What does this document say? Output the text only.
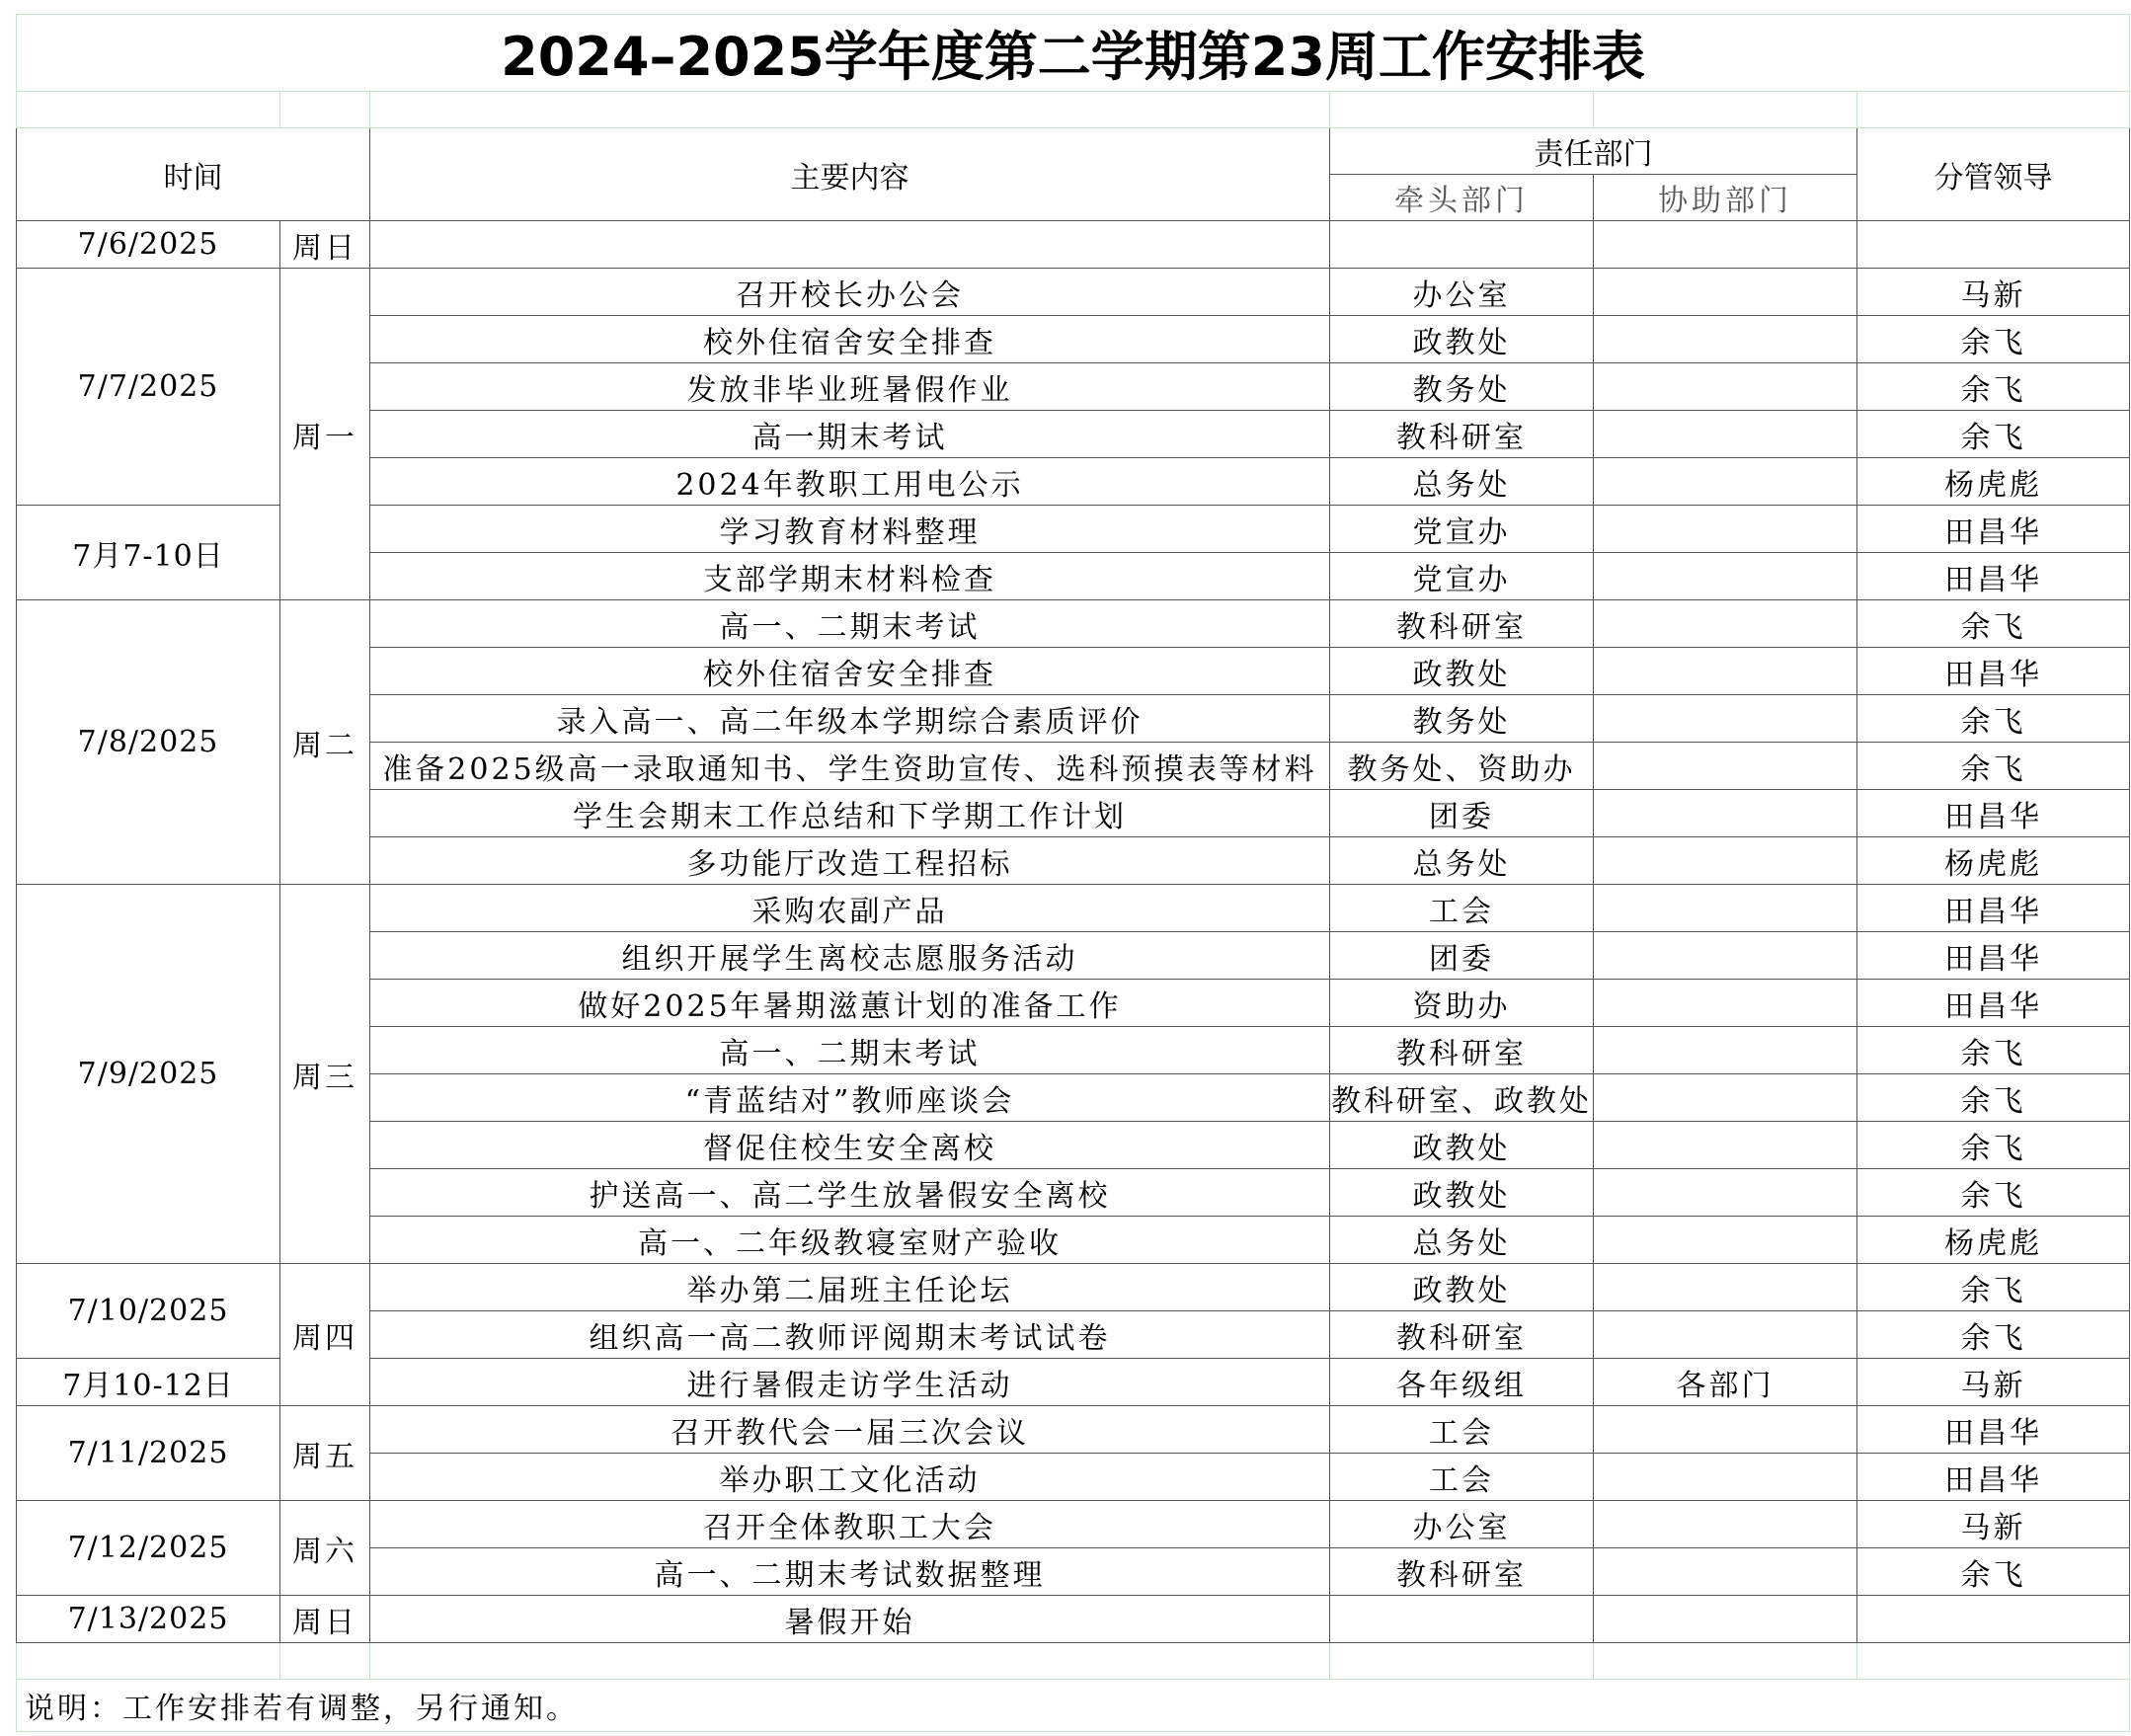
2024–2025学年度第二学期第23周工作安排表					

时间		主要内容	责任部门		分管领导
			牵头部门	协助部门	
7/6/2025	周日				
7/7/2025	周一	召开校长办公会	办公室		马新
		校外住宿舍安全排查	政教处		余飞
		发放非毕业班暑假作业	教务处		余飞
		高一期末考试	教科研室		余飞
		2024年教职工用电公示	总务处		杨虎彪
7月7-10日		学习教育材料整理	党宣办		田昌华
		支部学期末材料检查	党宣办		田昌华
7/8/2025	周二	高一、二期末考试	教科研室		余飞
		校外住宿舍安全排查	政教处		田昌华
		录入高一、高二年级本学期综合素质评价	教务处		余飞
		准备2025级高一录取通知书、学生资助宣传、选科预摸表等材料	教务处、资助办		余飞
		学生会期末工作总结和下学期工作计划	团委		田昌华
		多功能厅改造工程招标	总务处		杨虎彪
7/9/2025	周三	采购农副产品	工会		田昌华
		组织开展学生离校志愿服务活动	团委		田昌华
		做好2025年暑期滋蕙计划的准备工作	资助办		田昌华
		高一、二期末考试	教科研室		余飞
		“青蓝结对”教师座谈会	教科研室、政教处		余飞
		督促住校生安全离校	政教处		余飞
		护送高一、高二学生放暑假安全离校	政教处		余飞
		高一、二年级教寝室财产验收	总务处		杨虎彪
7/10/2025	周四	举办第二届班主任论坛	政教处		余飞
		组织高一高二教师评阅期末考试试卷	教科研室		余飞
7月10-12日		进行暑假走访学生活动	各年级组	各部门	马新
7/11/2025	周五	召开教代会一届三次会议	工会		田昌华
		举办职工文化活动	工会		田昌华
7/12/2025	周六	召开全体教职工大会	办公室		马新
		高一、二期末考试数据整理	教科研室		余飞
7/13/2025	周日	暑假开始			

说明：工作安排若有调整，另行通知。					
